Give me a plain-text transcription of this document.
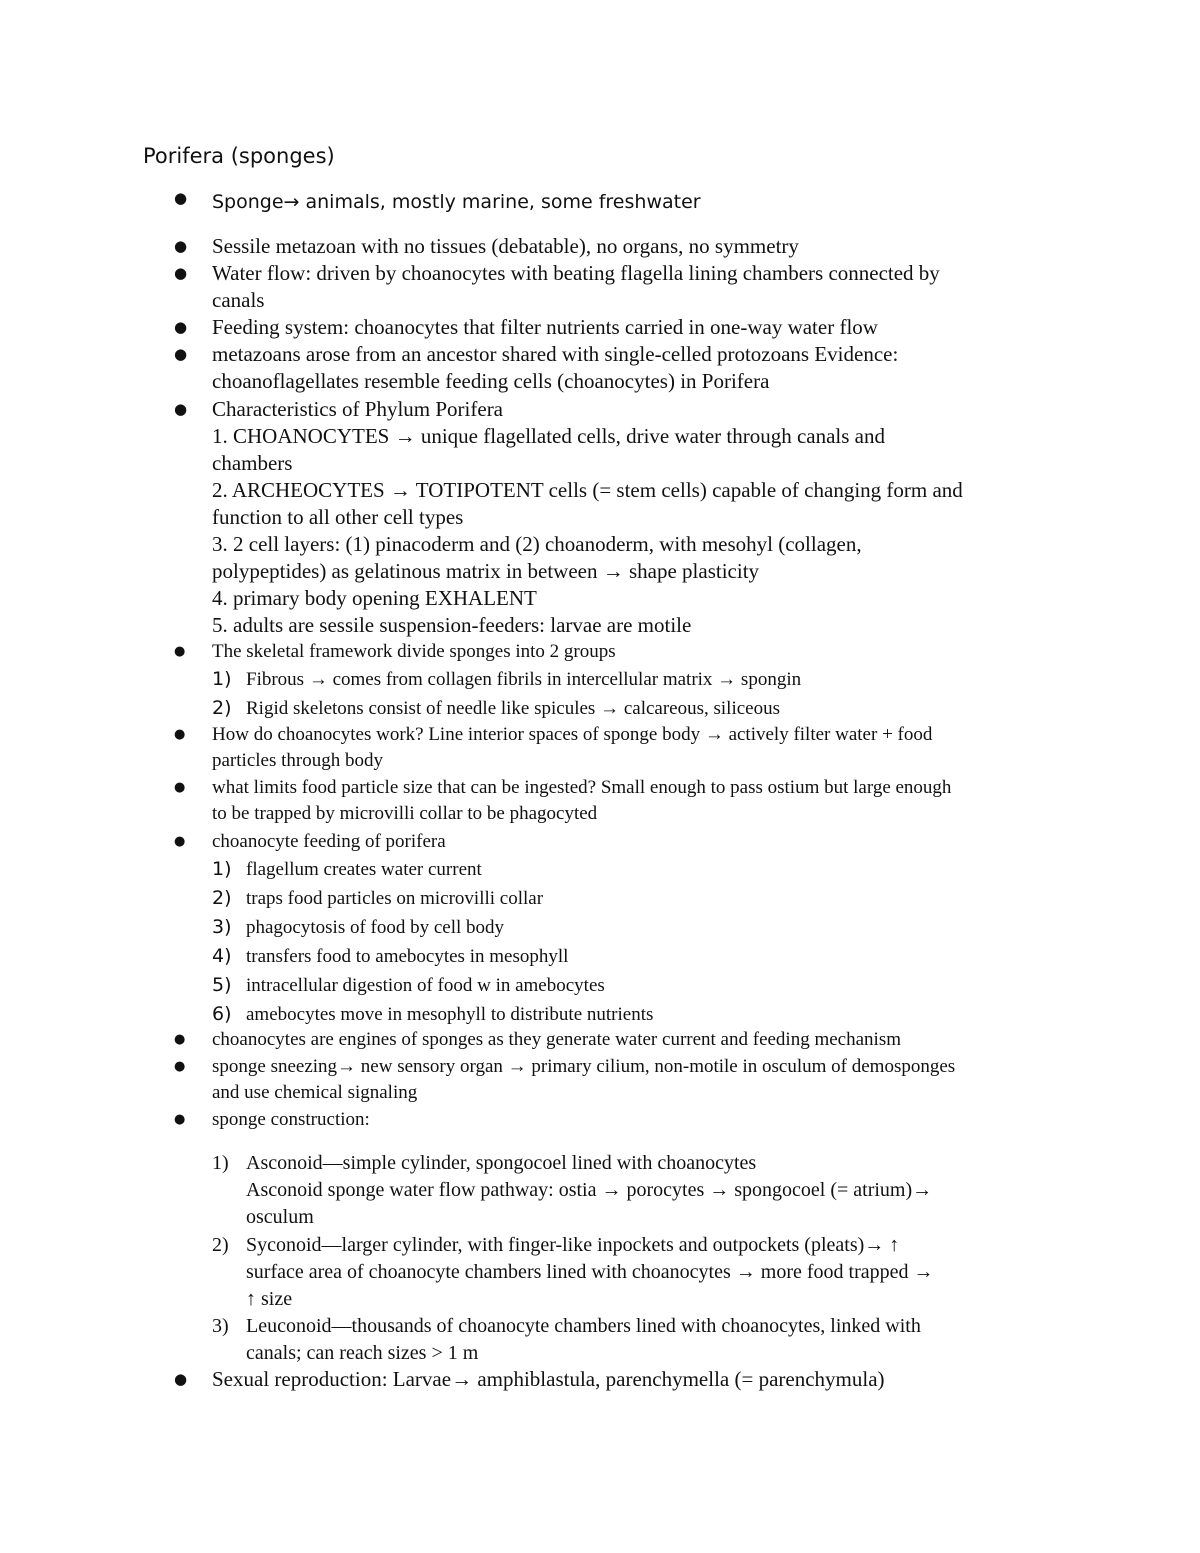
Porifera (sponges)
● Sponge→ animals, mostly marine, some freshwater
● Sessile metazoan with no tissues (debatable), no organs, no symmetry
● Water flow: driven by choanocytes with beating flagella lining chambers connected by
canals
● Feeding system: choanocytes that filter nutrients carried in one-way water flow
● metazoans arose from an ancestor shared with single-celled protozoans Evidence:
choanoflagellates resemble feeding cells (choanocytes) in Porifera
● Characteristics of Phylum Porifera
1. CHOANOCYTES → unique flagellated cells, drive water through canals and
chambers
2. ARCHEOCYTES → TOTIPOTENT cells (= stem cells) capable of changing form and
function to all other cell types
3. 2 cell layers: (1) pinacoderm and (2) choanoderm, with mesohyl (collagen,
polypeptides) as gelatinous matrix in between → shape plasticity
4. primary body opening EXHALENT
5. adults are sessile suspension-feeders: larvae are motile
● The skeletal framework divide sponges into 2 groups
1) Fibrous → comes from collagen fibrils in intercellular matrix → spongin
2) Rigid skeletons consist of needle like spicules → calcareous, siliceous
● How do choanocytes work? Line interior spaces of sponge body → actively filter water + food
particles through body
● what limits food particle size that can be ingested? Small enough to pass ostium but large enough
to be trapped by microvilli collar to be phagocyted
● choanocyte feeding of porifera
1) flagellum creates water current
2) traps food particles on microvilli collar
3) phagocytosis of food by cell body
4) transfers food to amebocytes in mesophyll
5) intracellular digestion of food w in amebocytes
6) amebocytes move in mesophyll to distribute nutrients
● choanocytes are engines of sponges as they generate water current and feeding mechanism
● sponge sneezing→ new sensory organ → primary cilium, non-motile in osculum of demosponges
and use chemical signaling
● sponge construction:
1) Asconoid—simple cylinder, spongocoel lined with choanocytes
Asconoid sponge water flow pathway: ostia → porocytes → spongocoel (= atrium)→
osculum
2) Syconoid—larger cylinder, with finger-like inpockets and outpockets (pleats)→ ↑
surface area of choanocyte chambers lined with choanocytes → more food trapped →
↑ size
3) Leuconoid—thousands of choanocyte chambers lined with choanocytes, linked with
canals; can reach sizes > 1 m
● Sexual reproduction: Larvae→ amphiblastula, parenchymella (= parenchymula)
